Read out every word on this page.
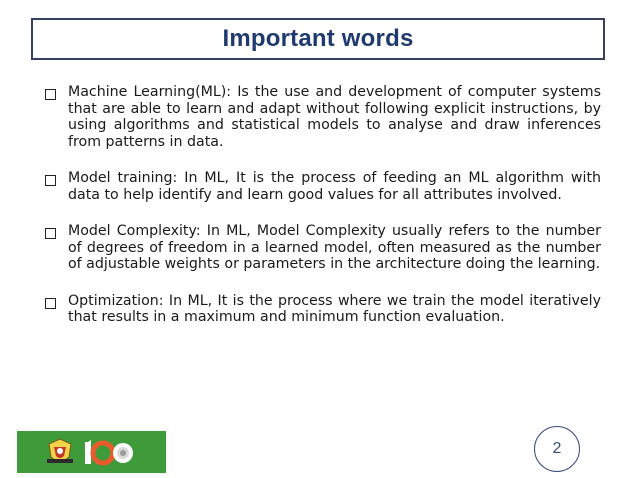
Important words
Machine Learning(ML): Is the use and development of computer systems that are able to learn and adapt without following explicit instructions, by using algorithms and statistical models to analyse and draw inferences from patterns in data.
Model training: In ML, It is the process of feeding an ML algorithm with data to help identify and learn good values for all attributes involved.
Model Complexity: In ML, Model Complexity usually refers to the number of degrees of freedom in a learned model, often measured as the number of adjustable weights or parameters in the architecture doing the learning.
Optimization: In ML, It is the process where we train the model iteratively that results in a maximum and minimum function evaluation.
2
